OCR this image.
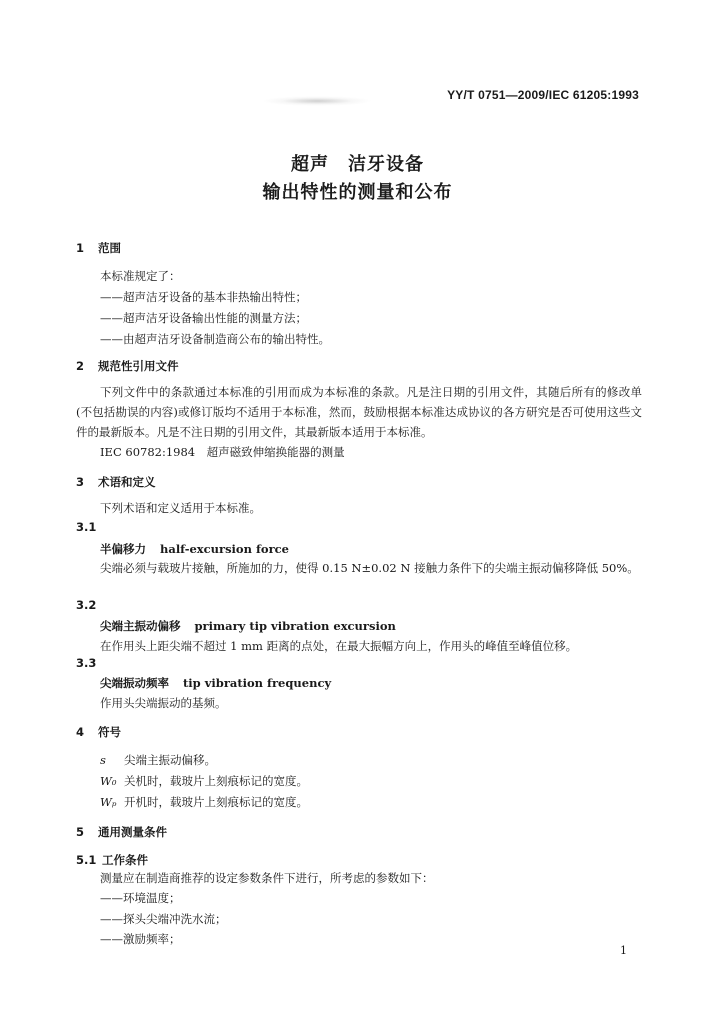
YY/T 0751—2009/IEC 61205:1993
超声　洁牙设备
输出特性的测量和公布
1 范围
本标准规定了：
——超声洁牙设备的基本非热输出特性；
——超声洁牙设备输出性能的测量方法；
——由超声洁牙设备制造商公布的输出特性。
2 规范性引用文件
下列文件中的条款通过本标准的引用而成为本标准的条款。凡是注日期的引用文件，其随后所有的修改单(不包括勘误的内容)或修订版均不适用于本标准，然而，鼓励根据本标准达成协议的各方研究是否可使用这些文件的最新版本。凡是不注日期的引用文件，其最新版本适用于本标准。
IEC 60782:1984　超声磁致伸缩换能器的测量
3 术语和定义
下列术语和定义适用于本标准。
3.1
半偏移力 half-excursion force
尖端必须与载玻片接触，所施加的力，使得 0.15 N±0.02 N 接触力条件下的尖端主振动偏移降低 50%。
3.2
尖端主振动偏移 primary tip vibration excursion
在作用头上距尖端不超过 1 mm 距离的点处，在最大振幅方向上，作用头的峰值至峰值位移。
3.3
尖端振动频率 tip vibration frequency
作用头尖端振动的基频。
4 符号
s 尖端主振动偏移。
W₀ 关机时，载玻片上刻痕标记的宽度。
Wₚ 开机时，载玻片上刻痕标记的宽度。
5 通用测量条件
5.1 工作条件
测量应在制造商推荐的设定参数条件下进行，所考虑的参数如下：
——环境温度；
——探头尖端冲洗水流；
——激励频率；
1
